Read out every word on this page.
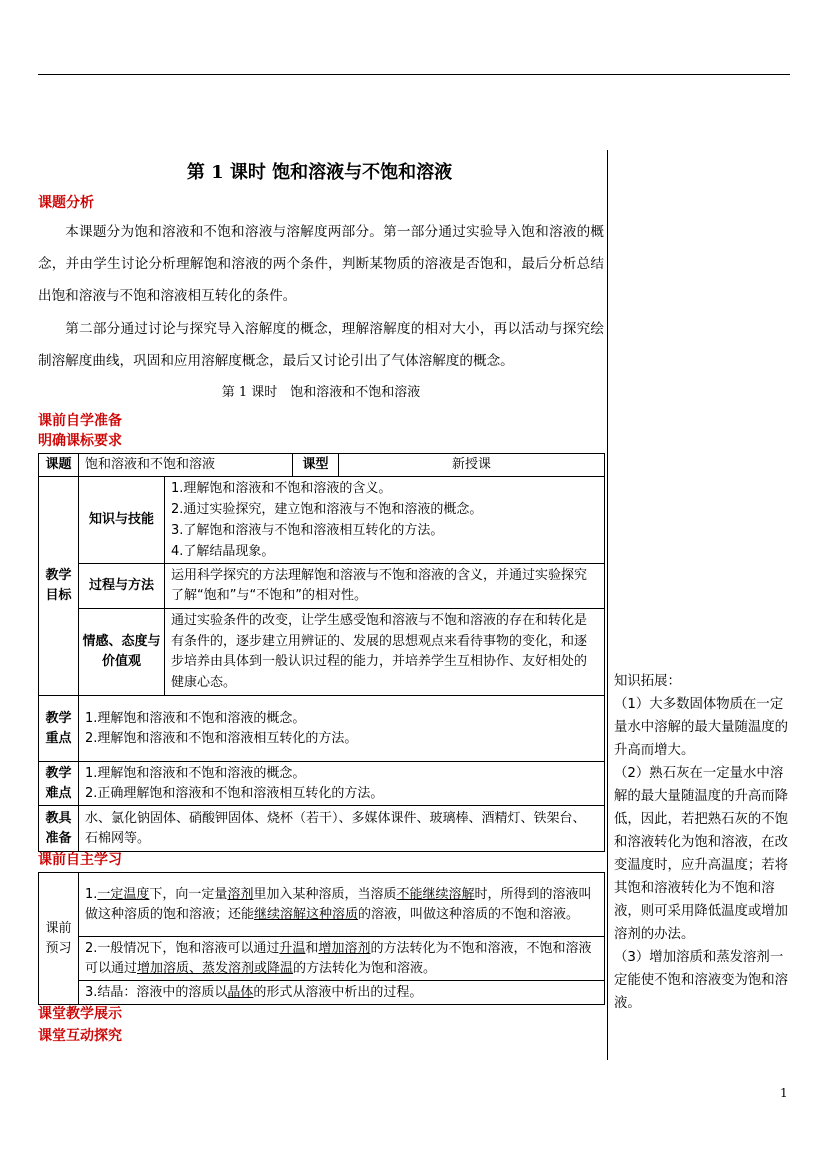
第 1 课时 饱和溶液与不饱和溶液
课题分析
本课题分为饱和溶液和不饱和溶液与溶解度两部分。第一部分通过实验导入饱和溶液的概念，并由学生讨论分析理解饱和溶液的两个条件，判断某物质的溶液是否饱和，最后分析总结出饱和溶液与不饱和溶液相互转化的条件。
第二部分通过讨论与探究导入溶解度的概念，理解溶解度的相对大小，再以活动与探究绘制溶解度曲线，巩固和应用溶解度概念，最后又讨论引出了气体溶解度的概念。
第 1 课时　饱和溶液和不饱和溶液
课前自学准备
明确课标要求
课题	饱和溶液和不饱和溶液		课型	新授课
教学目标	知识与技能	1.理解饱和溶液和不饱和溶液的含义。
2.通过实验探究，建立饱和溶液与不饱和溶液的概念。
3.了解饱和溶液与不饱和溶液相互转化的方法。
4.了解结晶现象。		

	过程与方法	运用科学探究的方法理解饱和溶液与不饱和溶液的含义，并通过实验探究了解“饱和”与“不饱和”的相对性。		
	情感、态度与价值观	通过实验条件的改变，让学生感受饱和溶液与不饱和溶液的存在和转化是有条件的，逐步建立用辨证的、发展的思想观点来看待事物的变化，和逐步培养由具体到一般认识过程的能力，并培养学生互相协作、友好相处的健康心态。		
教学重点	1.理解饱和溶液和不饱和溶液的概念。
2.理解饱和溶液和不饱和溶液相互转化的方法。			

教学难点	1.理解饱和溶液和不饱和溶液的概念。
2.正确理解饱和溶液和不饱和溶液相互转化的方法。			

教具准备	水、氯化钠固体、硝酸钾固体、烧杯（若干）、多媒体课件、玻璃棒、酒精灯、铁架台、石棉网等。			
课前自主学习
课前预习	1.一定温度下，向一定量溶剂里加入某种溶质，当溶质不能继续溶解时，所得到的溶液叫做这种溶质的饱和溶液；还能继续溶解这种溶质的溶液，叫做这种溶质的不饱和溶液。
2.一般情况下，饱和溶液可以通过升温和增加溶剂的方法转化为不饱和溶液，不饱和溶液可以通过增加溶质、蒸发溶剂或降温的方法转化为饱和溶液。
3.结晶：溶液中的溶质以晶体的形式从溶液中析出的过程。
课堂教学展示
课堂互动探究

知识拓展：

（1）大多数固体物质在一定量水中溶解的最大量随温度的升高而增大。

（2）熟石灰在一定量水中溶解的最大量随温度的升高而降低，因此，若把熟石灰的不饱和溶液转化为饱和溶液，在改变温度时，应升高温度；若将其饱和溶液转化为不饱和溶液，则可采用降低温度或增加溶剂的办法。

（3）增加溶质和蒸发溶剂一定能使不饱和溶液变为饱和溶液。

1
